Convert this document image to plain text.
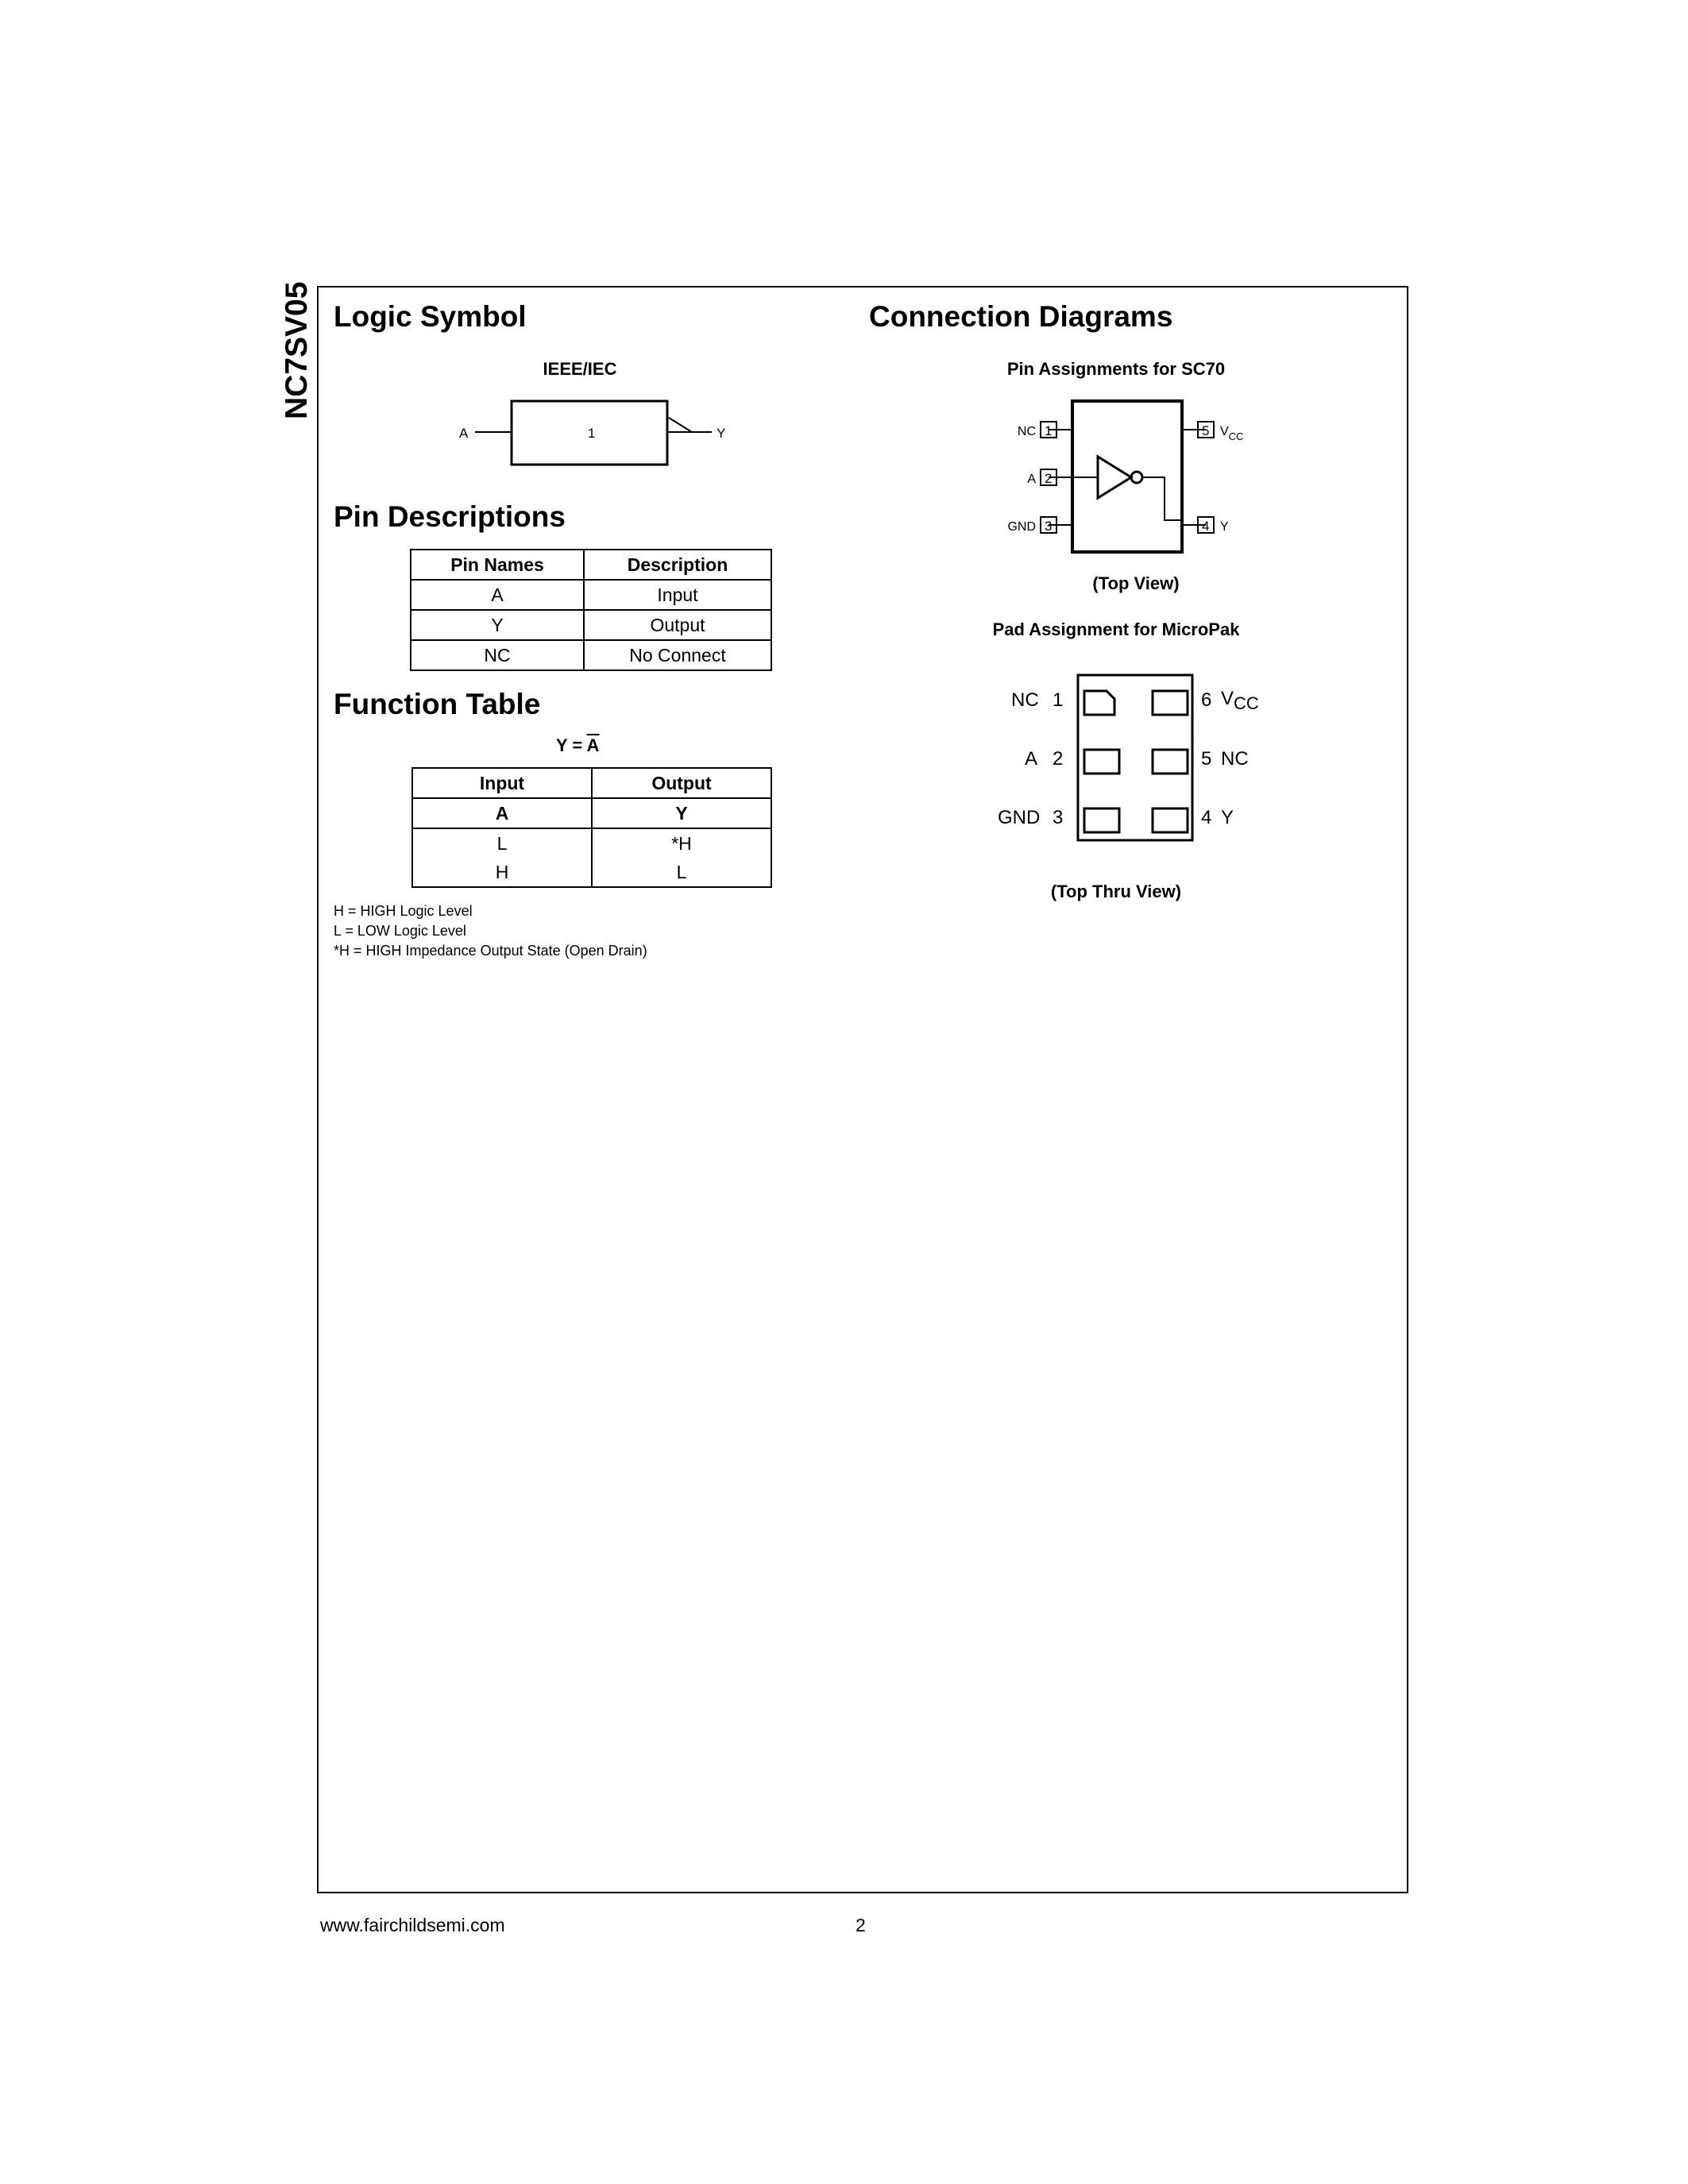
NC7SV05 Logic Symbol
IEEE/IEC
A	1	Y
Pin Descriptions
Pin Names	Description
A	Input
Y	Output
NC	No Connect
Function Table
$Y = \overline{A}$
Input	Output
A	Y
L	*H
H	L
H = HIGH Logic Level
L = LOW Logic Level
*H = HIGH Impedance Output State (Open Drain)
Connection Diagrams
Pin Assignments for SC70
1
2
3
5
4
NC
A
GND
$V_{CC}$
Y
(Top View)
Pad Assignment for MicroPak
NC 1
A 2
GND 3
6 $V_{CC}$
5 NC
4 Y
(Top Thru View)
www.fairchildsemi.com	2
